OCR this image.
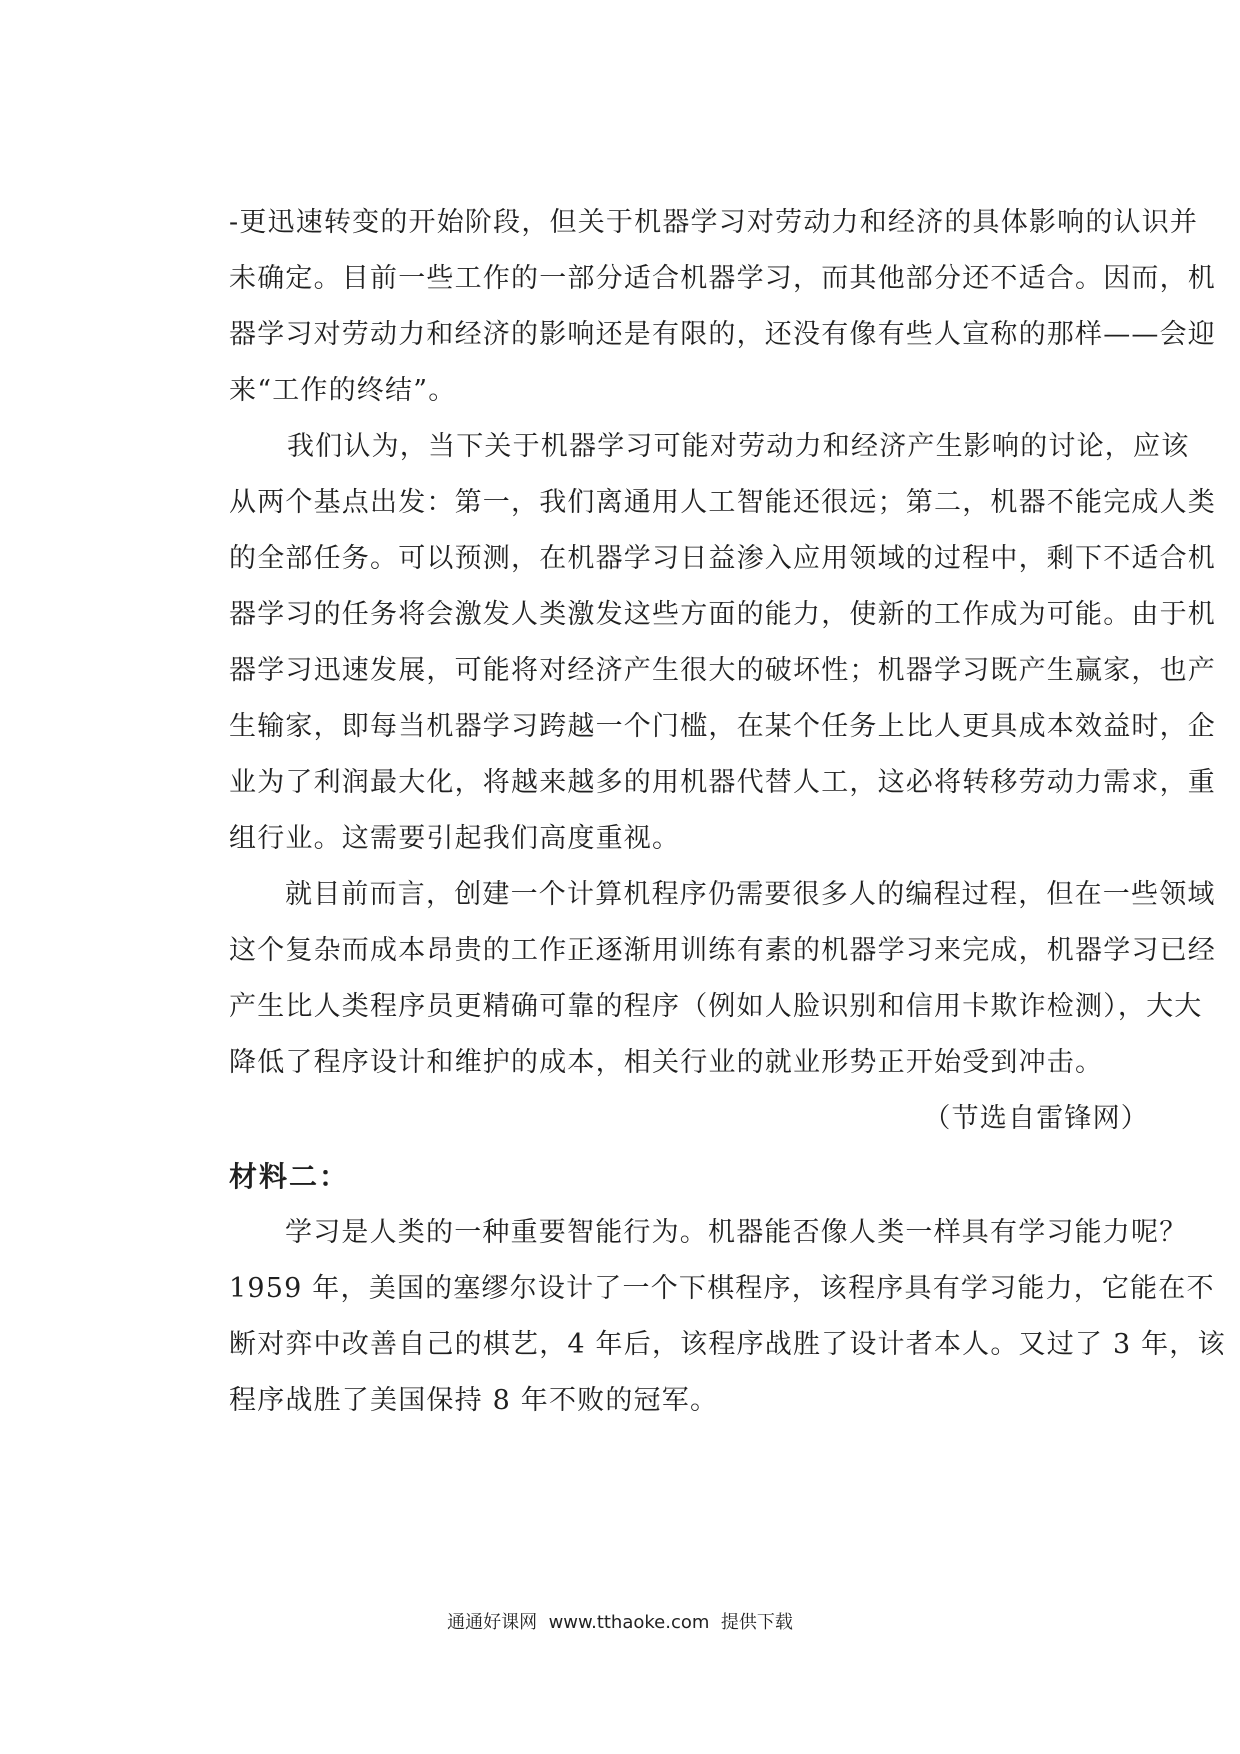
-更迅速转变的开始阶段，但关于机器学习对劳动力和经济的具体影响的认识并
未确定。目前一些工作的一部分适合机器学习，而其他部分还不适合。因而，机
器学习对劳动力和经济的影响还是有限的，还没有像有些人宣称的那样——会迎
来“工作的终结”。
我们认为，当下关于机器学习可能对劳动力和经济产生影响的讨论，应该
从两个基点出发：第一，我们离通用人工智能还很远；第二，机器不能完成人类
的全部任务。可以预测，在机器学习日益渗入应用领域的过程中，剩下不适合机
器学习的任务将会激发人类激发这些方面的能力，使新的工作成为可能。由于机
器学习迅速发展，可能将对经济产生很大的破坏性；机器学习既产生赢家，也产
生输家，即每当机器学习跨越一个门槛，在某个任务上比人更具成本效益时，企
业为了利润最大化，将越来越多的用机器代替人工，这必将转移劳动力需求，重
组行业。这需要引起我们高度重视。
就目前而言，创建一个计算机程序仍需要很多人的编程过程，但在一些领域
这个复杂而成本昂贵的工作正逐渐用训练有素的机器学习来完成，机器学习已经
产生比人类程序员更精确可靠的程序（例如人脸识别和信用卡欺诈检测），大大
降低了程序设计和维护的成本，相关行业的就业形势正开始受到冲击。
（节选自雷锋网）
材料二：
学习是人类的一种重要智能行为。机器能否像人类一样具有学习能力呢？
1959 年，美国的塞缪尔设计了一个下棋程序，该程序具有学习能力，它能在不
断对弈中改善自己的棋艺，4 年后，该程序战胜了设计者本人。又过了 3 年，该
程序战胜了美国保持 8 年不败的冠军。
通通好课网  www.tthaoke.com  提供下载
